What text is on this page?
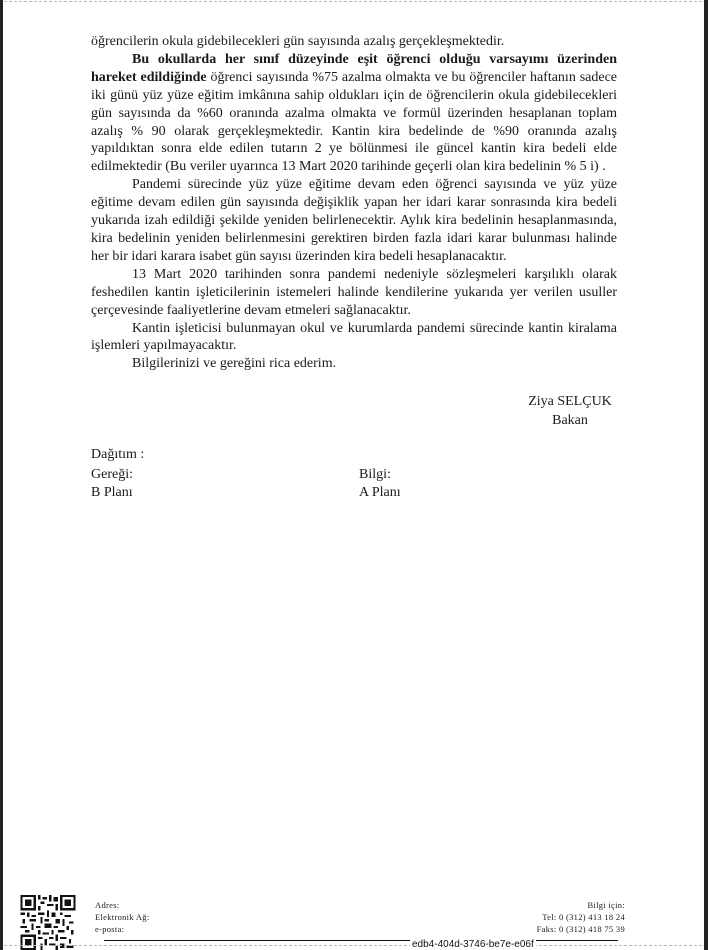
öğrencilerin okula gidebilecekleri gün sayısında azalış gerçekleşmektedir.

Bu okullarda her sınıf düzeyinde eşit öğrenci olduğu varsayımı üzerinden hareket edildiğinde öğrenci sayısında %75 azalma olmakta ve bu öğrenciler haftanın sadece iki günü yüz yüze eğitim imkânına sahip oldukları için de öğrencilerin okula gidebilecekleri gün sayısında da %60 oranında azalma olmakta ve formül üzerinden hesaplanan toplam azalış % 90 olarak gerçekleşmektedir. Kantin kira bedelinde de %90 oranında azalış yapıldıktan sonra elde edilen tutarın 2 ye bölünmesi ile güncel kantin kira bedeli elde edilmektedir (Bu veriler uyarınca 13 Mart 2020 tarihinde geçerli olan kira bedelinin % 5 i) .

Pandemi sürecinde yüz yüze eğitime devam eden öğrenci sayısında ve yüz yüze eğitime devam edilen gün sayısında değişiklik yapan her idari karar sonrasında kira bedeli yukarıda izah edildiği şekilde yeniden belirlenecektir. Aylık kira bedelinin hesaplanmasında, kira bedelinin yeniden belirlenmesini gerektiren birden fazla idari karar bulunması halinde her bir idari karara isabet gün sayısı üzerinden kira bedeli hesaplanacaktır.

13 Mart 2020 tarihinden sonra pandemi nedeniyle sözleşmeleri karşılıklı olarak feshedilen kantin işleticilerinin istemeleri halinde kendilerine yukarıda yer verilen usuller çerçevesinde faaliyetlerine devam etmeleri sağlanacaktır.

Kantin işleticisi bulunmayan okul ve kurumlarda pandemi sürecinde kantin kiralama işlemleri yapılmayacaktır.

Bilgilerinizi ve gereğini rica ederim.

Ziya SELÇUK
Bakan
Dağıtım :
Gereği:
B Planı
Bilgi:
A Planı
Adres:
Elektronik Ağ:
e-posta:
Bilgi için:
Tel: 0 (312) 413 18 24
Faks: 0 (312) 418 75 39
edb4-404d-3746-be7e-e06f
